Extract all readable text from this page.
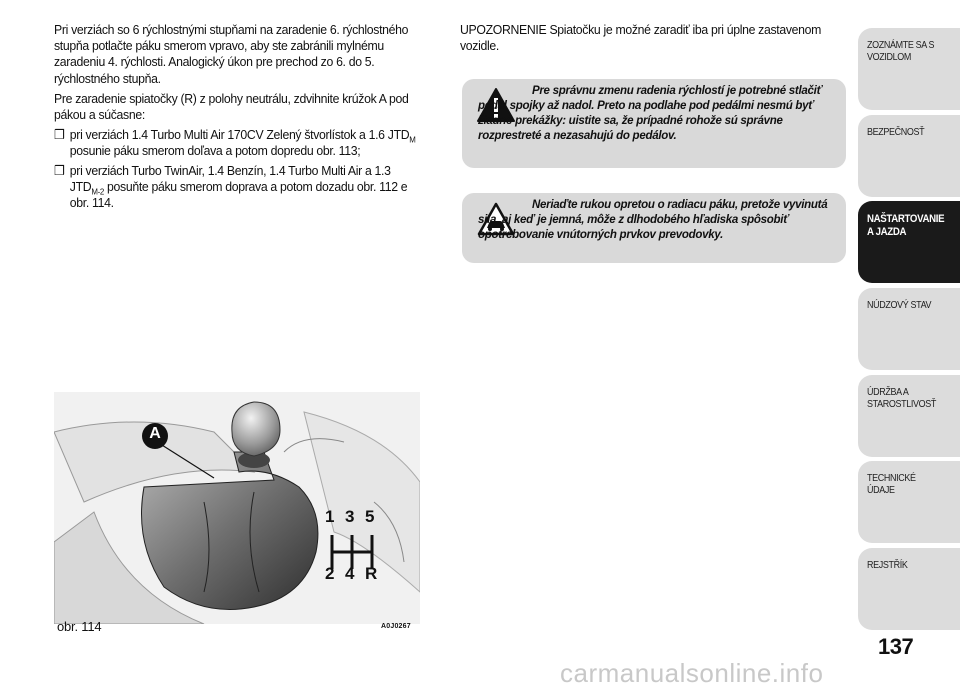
Pri verziách so 6 rýchlostnými stupňami na zaradenie 6. rýchlostného stupňa potlačte páku smerom vpravo, aby ste zabránili mylnému zaradeniu 4. rýchlosti. Analogický úkon pre prechod zo 6. do 5. rýchlostného stupňa.

Pre zaradenie spiatočky (R) z polohy neutrálu, zdvihnite krúžok A pod pákou a súčasne:

❒ pri verziách 1.4 Turbo Multi Air 170CV Zelený štvorlístok a 1.6 $JTD_M$ posunie páku smerom doľava a potom dopredu obr. 113;
❒ pri verziách Turbo TwinAir, 1.4 Benzín, 1.4 Turbo Multi Air a 1.3 $JTD_{M-2}$ posuňte páku smerom doprava a potom dozadu obr. 112 e obr. 114.

UPOZORNENIE Spiatočku je možné zaradiť iba pri úplne zastavenom vozidle.

Pre správnu zmenu radenia rýchlostí je potrebné stlačiť pedál spojky až nadol. Preto na podlahe pod pedálmi nesmú byť žiadne prekážky: uistite sa, že prípadné rohože sú správne rozprestreté a nezasahujú do pedálov.
Neriaďte rukou opretou o radiacu páku, pretože vyvinutá sila, aj keď je jemná, môže z dlhodobého hľadiska spôsobiť opotrebovanie vnútorných prvkov prevodovky.
A
1 3 5
2 4 R
obr. 114	A0J0267
ZOZNÁMTE SA S VOZIDLOM
BEZPEČNOSŤ
NAŠTARTOVANIE A JAZDA
NÚDZOVÝ STAV
ÚDRŽBA A STAROSTLIVOSŤ
TECHNICKÉ ÚDAJE
REJSTŘÍK
137
carmanualsonline.info
